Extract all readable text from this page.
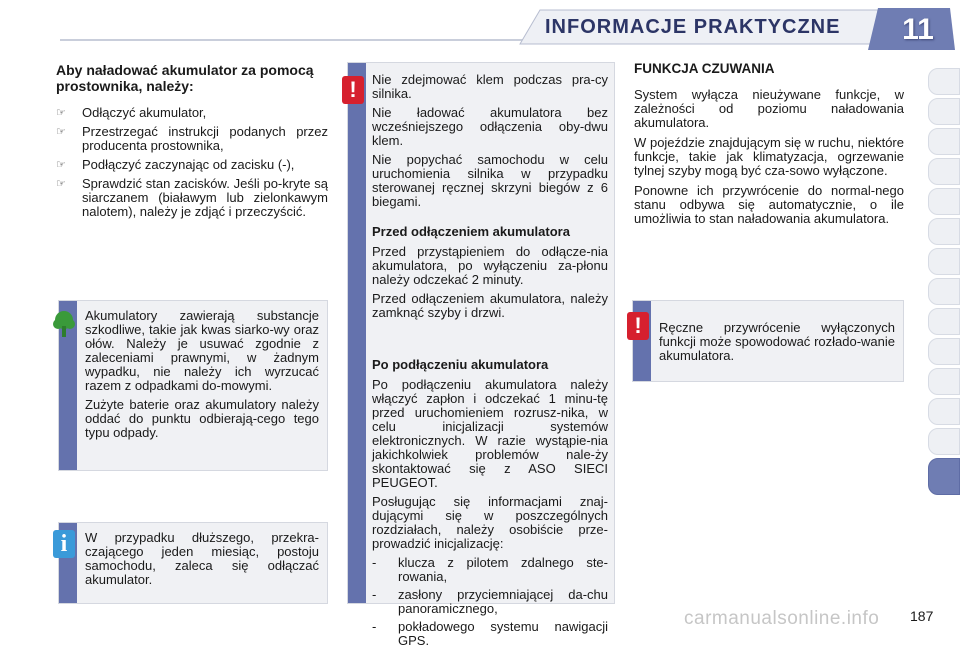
INFORMACJE PRAKTYCZNE	11
Aby naładować akumulator za pomocą prostownika, należy:
☞ Odłączyć akumulator,
☞ Przestrzegać instrukcji podanych przez producenta prostownika,
☞ Podłączyć zaczynając od zacisku (-),
☞ Sprawdzić stan zacisków. Jeśli po-kryte są siarczanem (białawym lub zielonkawym nalotem), należy je zdjąć i przeczyścić.

Akumulatory zawierają substancje szkodliwe, takie jak kwas siarko-wy oraz ołów. Należy je usuwać zgodnie z zaleceniami prawnymi, w żadnym wypadku, nie należy ich wyrzucać razem z odpadkami do-mowymi.

Zużyte baterie oraz akumulatory należy oddać do punktu odbierają-cego tego typu odpady.

W przypadku dłuższego, przekra-czającego jeden miesiąc, postoju samochodu, zaleca się odłączać akumulator.

i

Nie zdejmować klem podczas pra-cy silnika.

Nie ładować akumulatora bez wcześniejszego odłączenia oby-dwu klem.

Nie popychać samochodu w celu uruchomienia silnika w przypadku sterowanej ręcznej skrzyni biegów z 6 biegami.

Przed odłączeniem akumulatora

Przed przystąpieniem do odłącze-nia akumulatora, po wyłączeniu za-płonu należy odczekać 2 minuty.

Przed odłączeniem akumulatora, należy zamknąć szyby i drzwi.

Po podłączeniu akumulatora

Po podłączeniu akumulatora należy włączyć zapłon i odczekać 1 minu-tę przed uruchomieniem rozrusz-nika, w celu inicjalizacji systemów elektronicznych. W razie wystąpie-nia jakichkolwiek problemów nale-ży skontaktować się z ASO SIECI PEUGEOT.

Posługując się informacjami znaj-dującymi się w poszczególnych rozdziałach, należy osobiście prze-prowadzić inicjalizację:

- klucza z pilotem zdalnego ste-rowania,
- zasłony przyciemniającej da-chu panoramicznego,
- pokładowego systemu nawigacji GPS.
!
FUNKCJA CZUWANIA

System wyłącza nieużywane funkcje, w zależności od poziomu naładowania akumulatora.

W pojeździe znajdującym się w ruchu, niektóre funkcje, takie jak klimatyzacja, ogrzewanie tylnej szyby mogą być cza-sowo wyłączone.

Ponowne ich przywrócenie do normal-nego stanu odbywa się automatycznie, o ile umożliwia to stan naładowania akumulatora.

Ręczne przywrócenie wyłączonych funkcji może spowodować rozłado-wanie akumulatora.

!
carmanualsonline.info 187
